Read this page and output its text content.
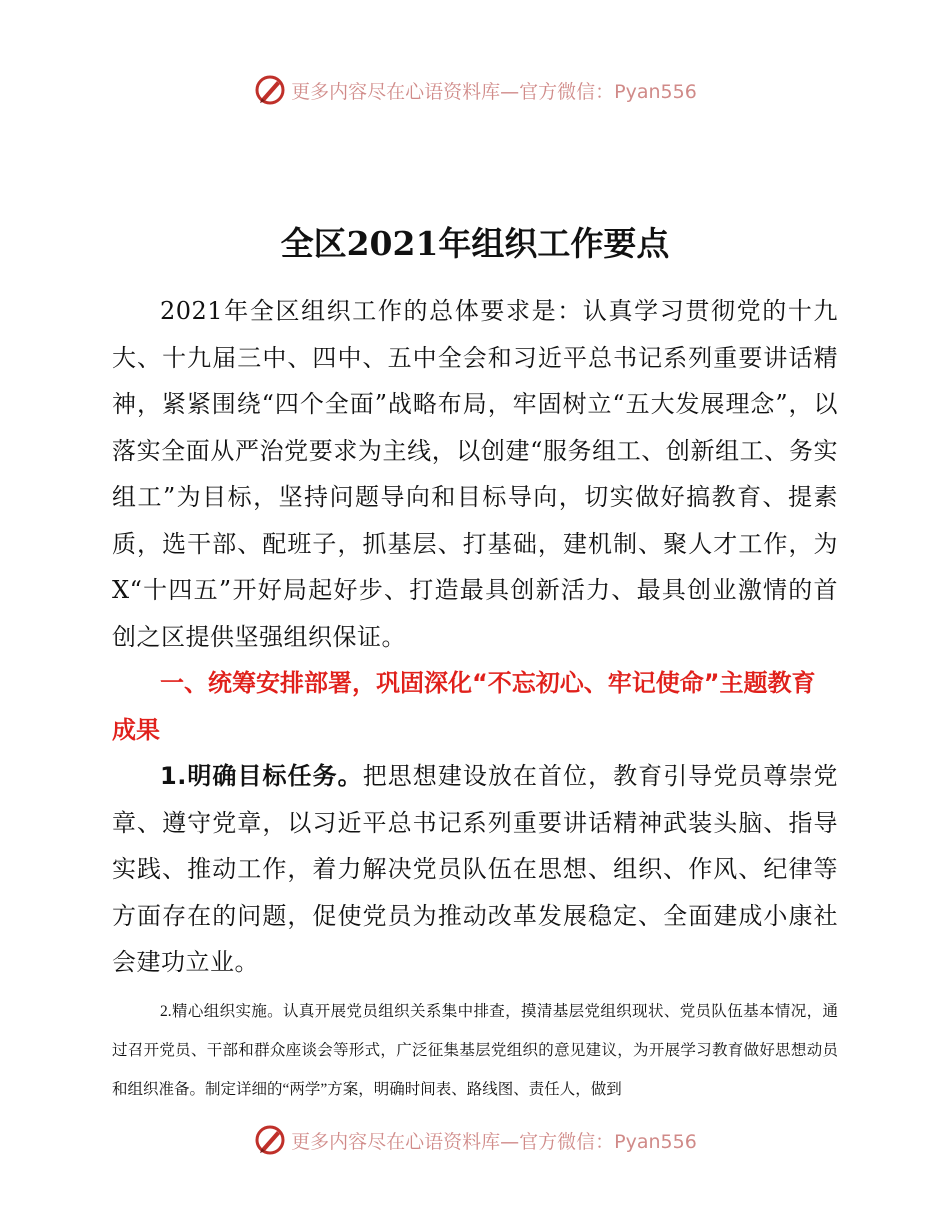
更多内容尽在心语资料库—官方微信：Pyan556
全区2021年组织工作要点

2021年全区组织工作的总体要求是：认真学习贯彻党的十九大、十九届三中、四中、五中全会和习近平总书记系列重要讲话精神，紧紧围绕“四个全面”战略布局，牢固树立“五大发展理念”，以落实全面从严治党要求为主线，以创建“服务组工、创新组工、务实组工”为目标，坚持问题导向和目标导向，切实做好搞教育、提素质，选干部、配班子，抓基层、打基础，建机制、聚人才工作，为X“十四五”开好局起好步、打造最具创新活力、最具创业激情的首创之区提供坚强组织保证。

一、统筹安排部署，巩固深化“不忘初心、牢记使命”主题教育成果

1.明确目标任务。把思想建设放在首位，教育引导党员尊崇党章、遵守党章，以习近平总书记系列重要讲话精神武装头脑、指导实践、推动工作，着力解决党员队伍在思想、组织、作风、纪律等方面存在的问题，促使党员为推动改革发展稳定、全面建成小康社会建功立业。

2.精心组织实施。认真开展党员组织关系集中排查，摸清基层党组织现状、党员队伍基本情况，通过召开党员、干部和群众座谈会等形式，广泛征集基层党组织的意见建议，为开展学习教育做好思想动员和组织准备。制定详细的“两学”方案，明确时间表、路线图、责任人，做到

更多内容尽在心语资料库—官方微信：Pyan556
